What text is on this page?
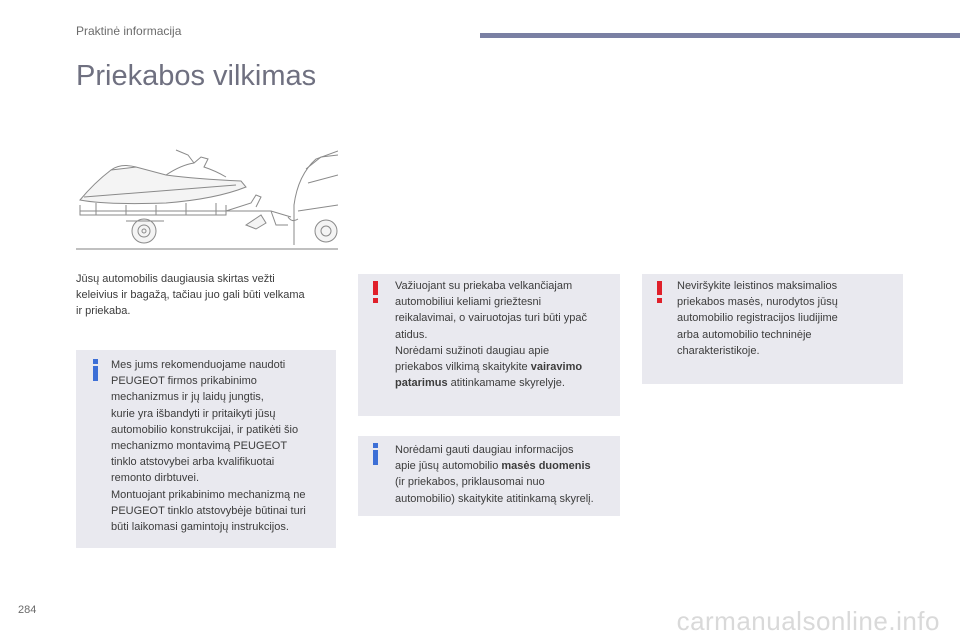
Praktinė informacija
Priekabos vilkimas

Jūsų automobilis daugiausia skirtas vežti

keleivius ir bagažą, tačiau juo gali būti velkama

ir priekaba.

Mes jums rekomenduojame naudoti

PEUGEOT firmos prikabinimo

mechanizmus ir jų laidų jungtis,

kurie yra išbandyti ir pritaikyti jūsų

automobilio konstrukcijai, ir patikėti šio

mechanizmo montavimą PEUGEOT

tinklo atstovybei arba kvalifikuotai

remonto dirbtuvei.

Montuojant prikabinimo mechanizmą ne

PEUGEOT tinklo atstovybėje būtinai turi

būti laikomasi gamintojų instrukcijos.

Važiuojant su priekaba velkančiajam

automobiliui keliami griežtesni

reikalavimai, o vairuotojas turi būti ypač

atidus.

Norėdami sužinoti daugiau apie

priekabos vilkimą skaitykite vairavimo

patarimus atitinkamame skyrelyje.

Norėdami gauti daugiau informacijos

apie jūsų automobilio masės duomenis

(ir priekabos, priklausomai nuo

automobilio) skaitykite atitinkamą skyrelį.

Neviršykite leistinos maksimalios

priekabos masės, nurodytos jūsų

automobilio registracijos liudijime

arba automobilio techninėje

charakteristikoje.

284	carmanualsonline.info
